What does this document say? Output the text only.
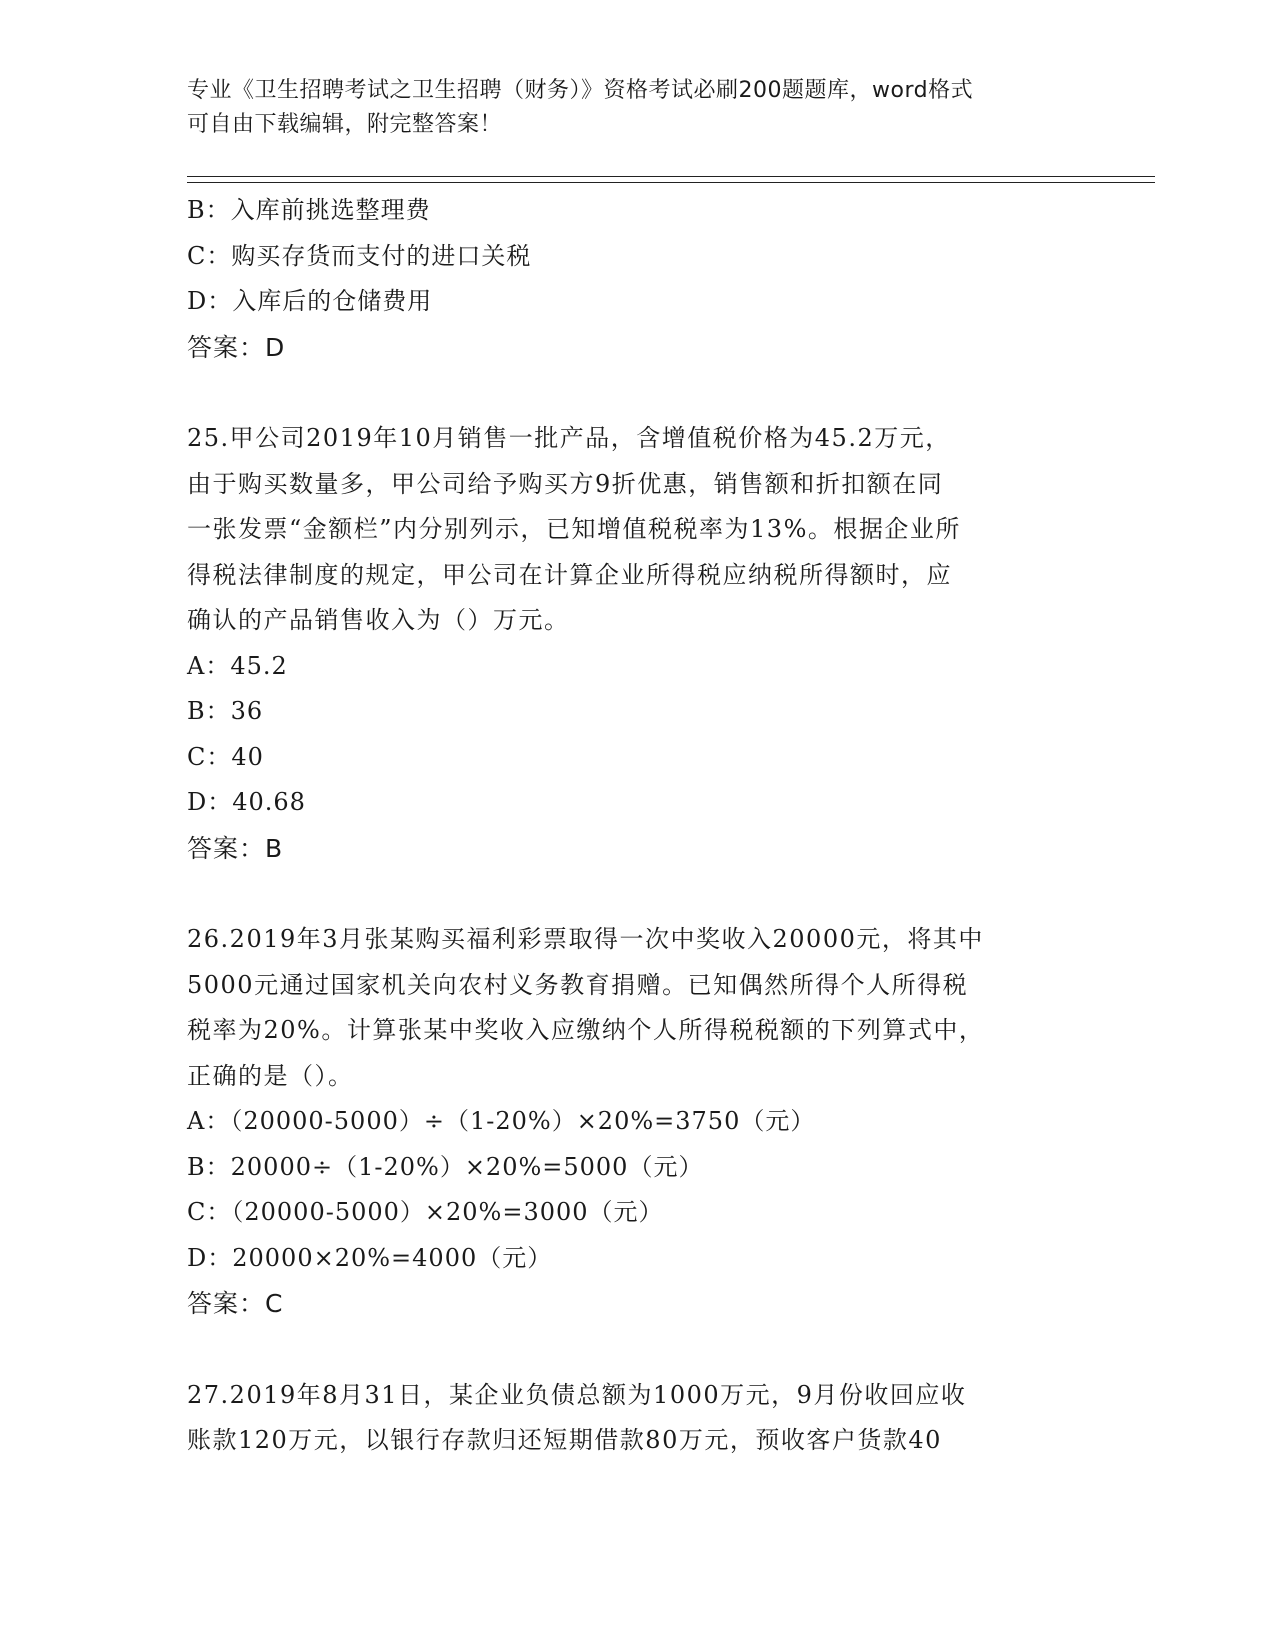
专业《卫生招聘考试之卫生招聘（财务）》资格考试必刷200题题库，word格式
可自由下载编辑，附完整答案！
B：入库前挑选整理费
C：购买存货而支付的进口关税
D：入库后的仓储费用
答案：D
25.甲公司2019年10月销售一批产品，含增值税价格为45.2万元，
由于购买数量多，甲公司给予购买方9折优惠，销售额和折扣额在同
一张发票“金额栏”内分别列示，已知增值税税率为13%。根据企业所
得税法律制度的规定，甲公司在计算企业所得税应纳税所得额时，应
确认的产品销售收入为（）万元。
A：45.2
B：36
C：40
D：40.68
答案：B
26.2019年3月张某购买福利彩票取得一次中奖收入20000元，将其中
5000元通过国家机关向农村义务教育捐赠。已知偶然所得个人所得税
税率为20%。计算张某中奖收入应缴纳个人所得税税额的下列算式中，
正确的是（）。
A：（20000-5000）÷（1-20%）×20%=3750（元）
B：20000÷（1-20%）×20%=5000（元）
C：（20000-5000）×20%=3000（元）
D：20000×20%=4000（元）
答案：C
27.2019年8月31日，某企业负债总额为1000万元，9月份收回应收
账款120万元，以银行存款归还短期借款80万元，预收客户货款40
